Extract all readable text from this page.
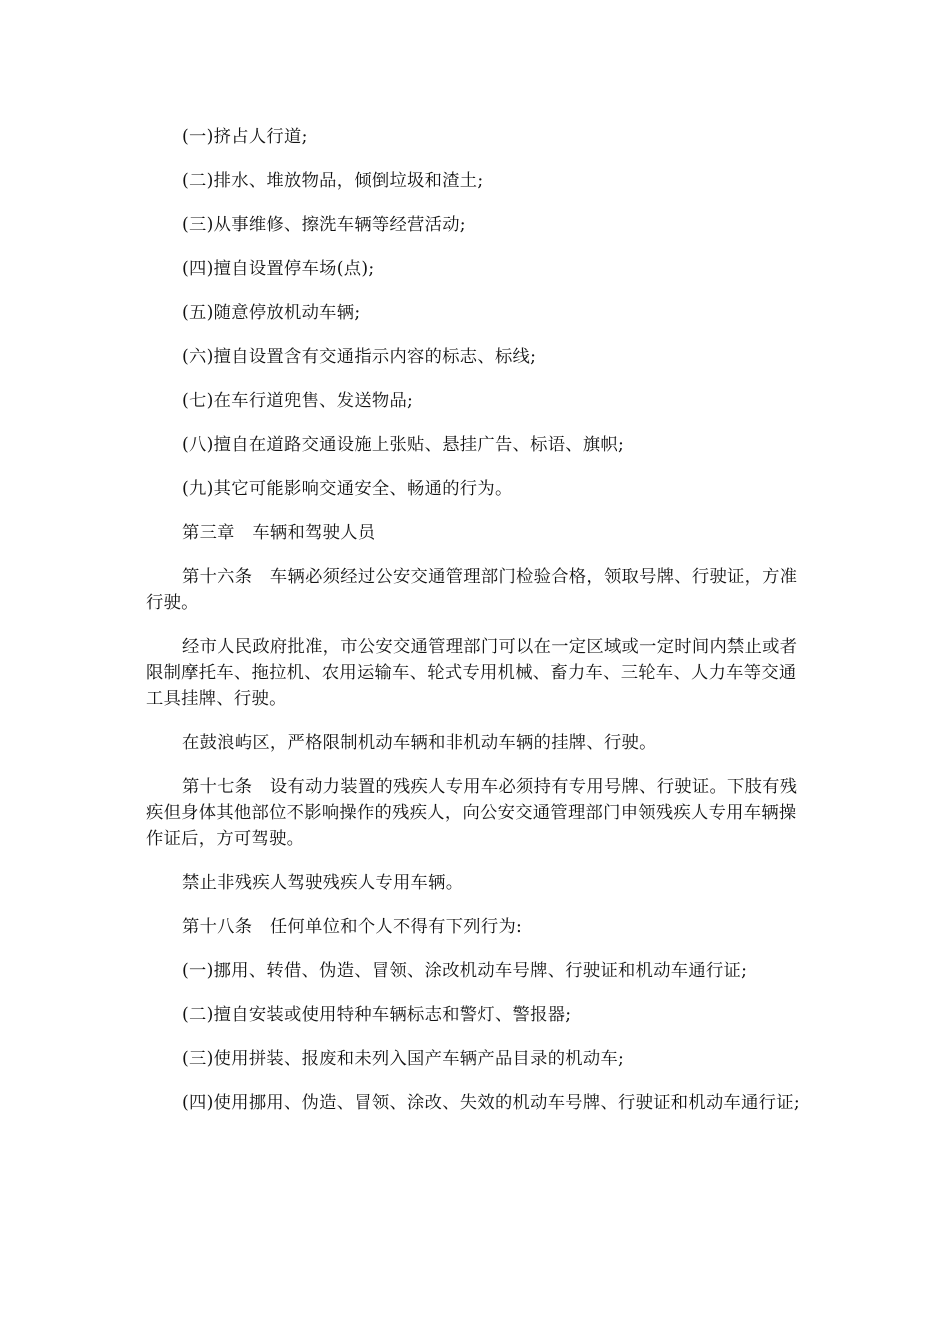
(一)挤占人行道;

(二)排水、堆放物品，倾倒垃圾和渣土;

(三)从事维修、擦洗车辆等经营活动;

(四)擅自设置停车场(点);

(五)随意停放机动车辆;

(六)擅自设置含有交通指示内容的标志、标线;

(七)在车行道兜售、发送物品;

(八)擅自在道路交通设施上张贴、悬挂广告、标语、旗帜;

(九)其它可能影响交通安全、畅通的行为。

第三章　车辆和驾驶人员

第十六条　车辆必须经过公安交通管理部门检验合格，领取号牌、行驶证，方准行驶。

经市人民政府批准，市公安交通管理部门可以在一定区域或一定时间内禁止或者限制摩托车、拖拉机、农用运输车、轮式专用机械、畜力车、三轮车、人力车等交通工具挂牌、行驶。

在鼓浪屿区，严格限制机动车辆和非机动车辆的挂牌、行驶。

第十七条　设有动力装置的残疾人专用车必须持有专用号牌、行驶证。下肢有残疾但身体其他部位不影响操作的残疾人，向公安交通管理部门申领残疾人专用车辆操作证后，方可驾驶。

禁止非残疾人驾驶残疾人专用车辆。

第十八条　任何单位和个人不得有下列行为:

(一)挪用、转借、伪造、冒领、涂改机动车号牌、行驶证和机动车通行证;

(二)擅自安装或使用特种车辆标志和警灯、警报器;

(三)使用拼装、报废和未列入国产车辆产品目录的机动车;

(四)使用挪用、伪造、冒领、涂改、失效的机动车号牌、行驶证和机动车通行证;
